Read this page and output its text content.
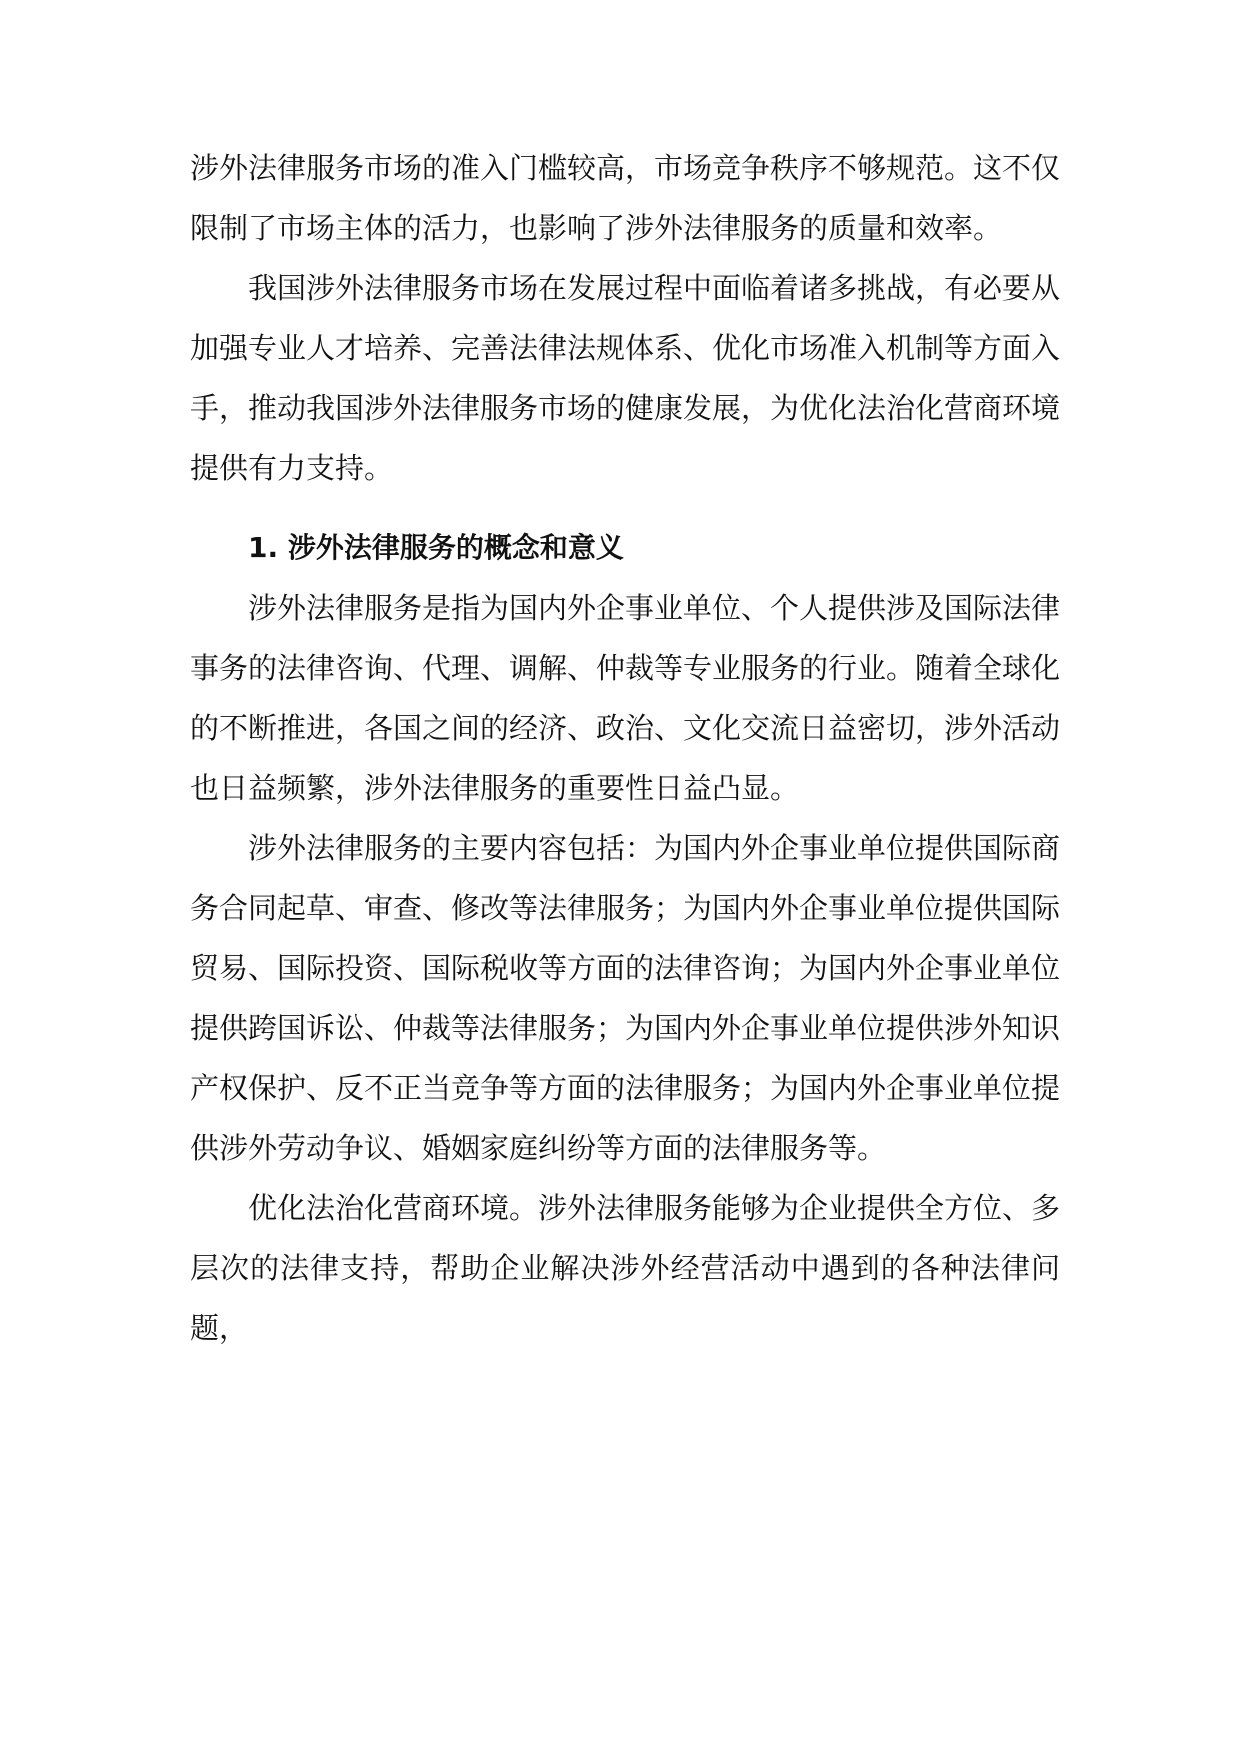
涉外法律服务市场的准入门槛较高，市场竞争秩序不够规范。这不仅限制了市场主体的活力，也影响了涉外法律服务的质量和效率。

我国涉外法律服务市场在发展过程中面临着诸多挑战，有必要从加强专业人才培养、完善法律法规体系、优化市场准入机制等方面入手，推动我国涉外法律服务市场的健康发展，为优化法治化营商环境提供有力支持。

1. 涉外法律服务的概念和意义

涉外法律服务是指为国内外企事业单位、个人提供涉及国际法律事务的法律咨询、代理、调解、仲裁等专业服务的行业。随着全球化的不断推进，各国之间的经济、政治、文化交流日益密切，涉外活动也日益频繁，涉外法律服务的重要性日益凸显。

涉外法律服务的主要内容包括：为国内外企事业单位提供国际商务合同起草、审查、修改等法律服务；为国内外企事业单位提供国际贸易、国际投资、国际税收等方面的法律咨询；为国内外企事业单位提供跨国诉讼、仲裁等法律服务；为国内外企事业单位提供涉外知识产权保护、反不正当竞争等方面的法律服务；为国内外企事业单位提供涉外劳动争议、婚姻家庭纠纷等方面的法律服务等。

优化法治化营商环境。涉外法律服务能够为企业提供全方位、多层次的法律支持，帮助企业解决涉外经营活动中遇到的各种法律问题，
